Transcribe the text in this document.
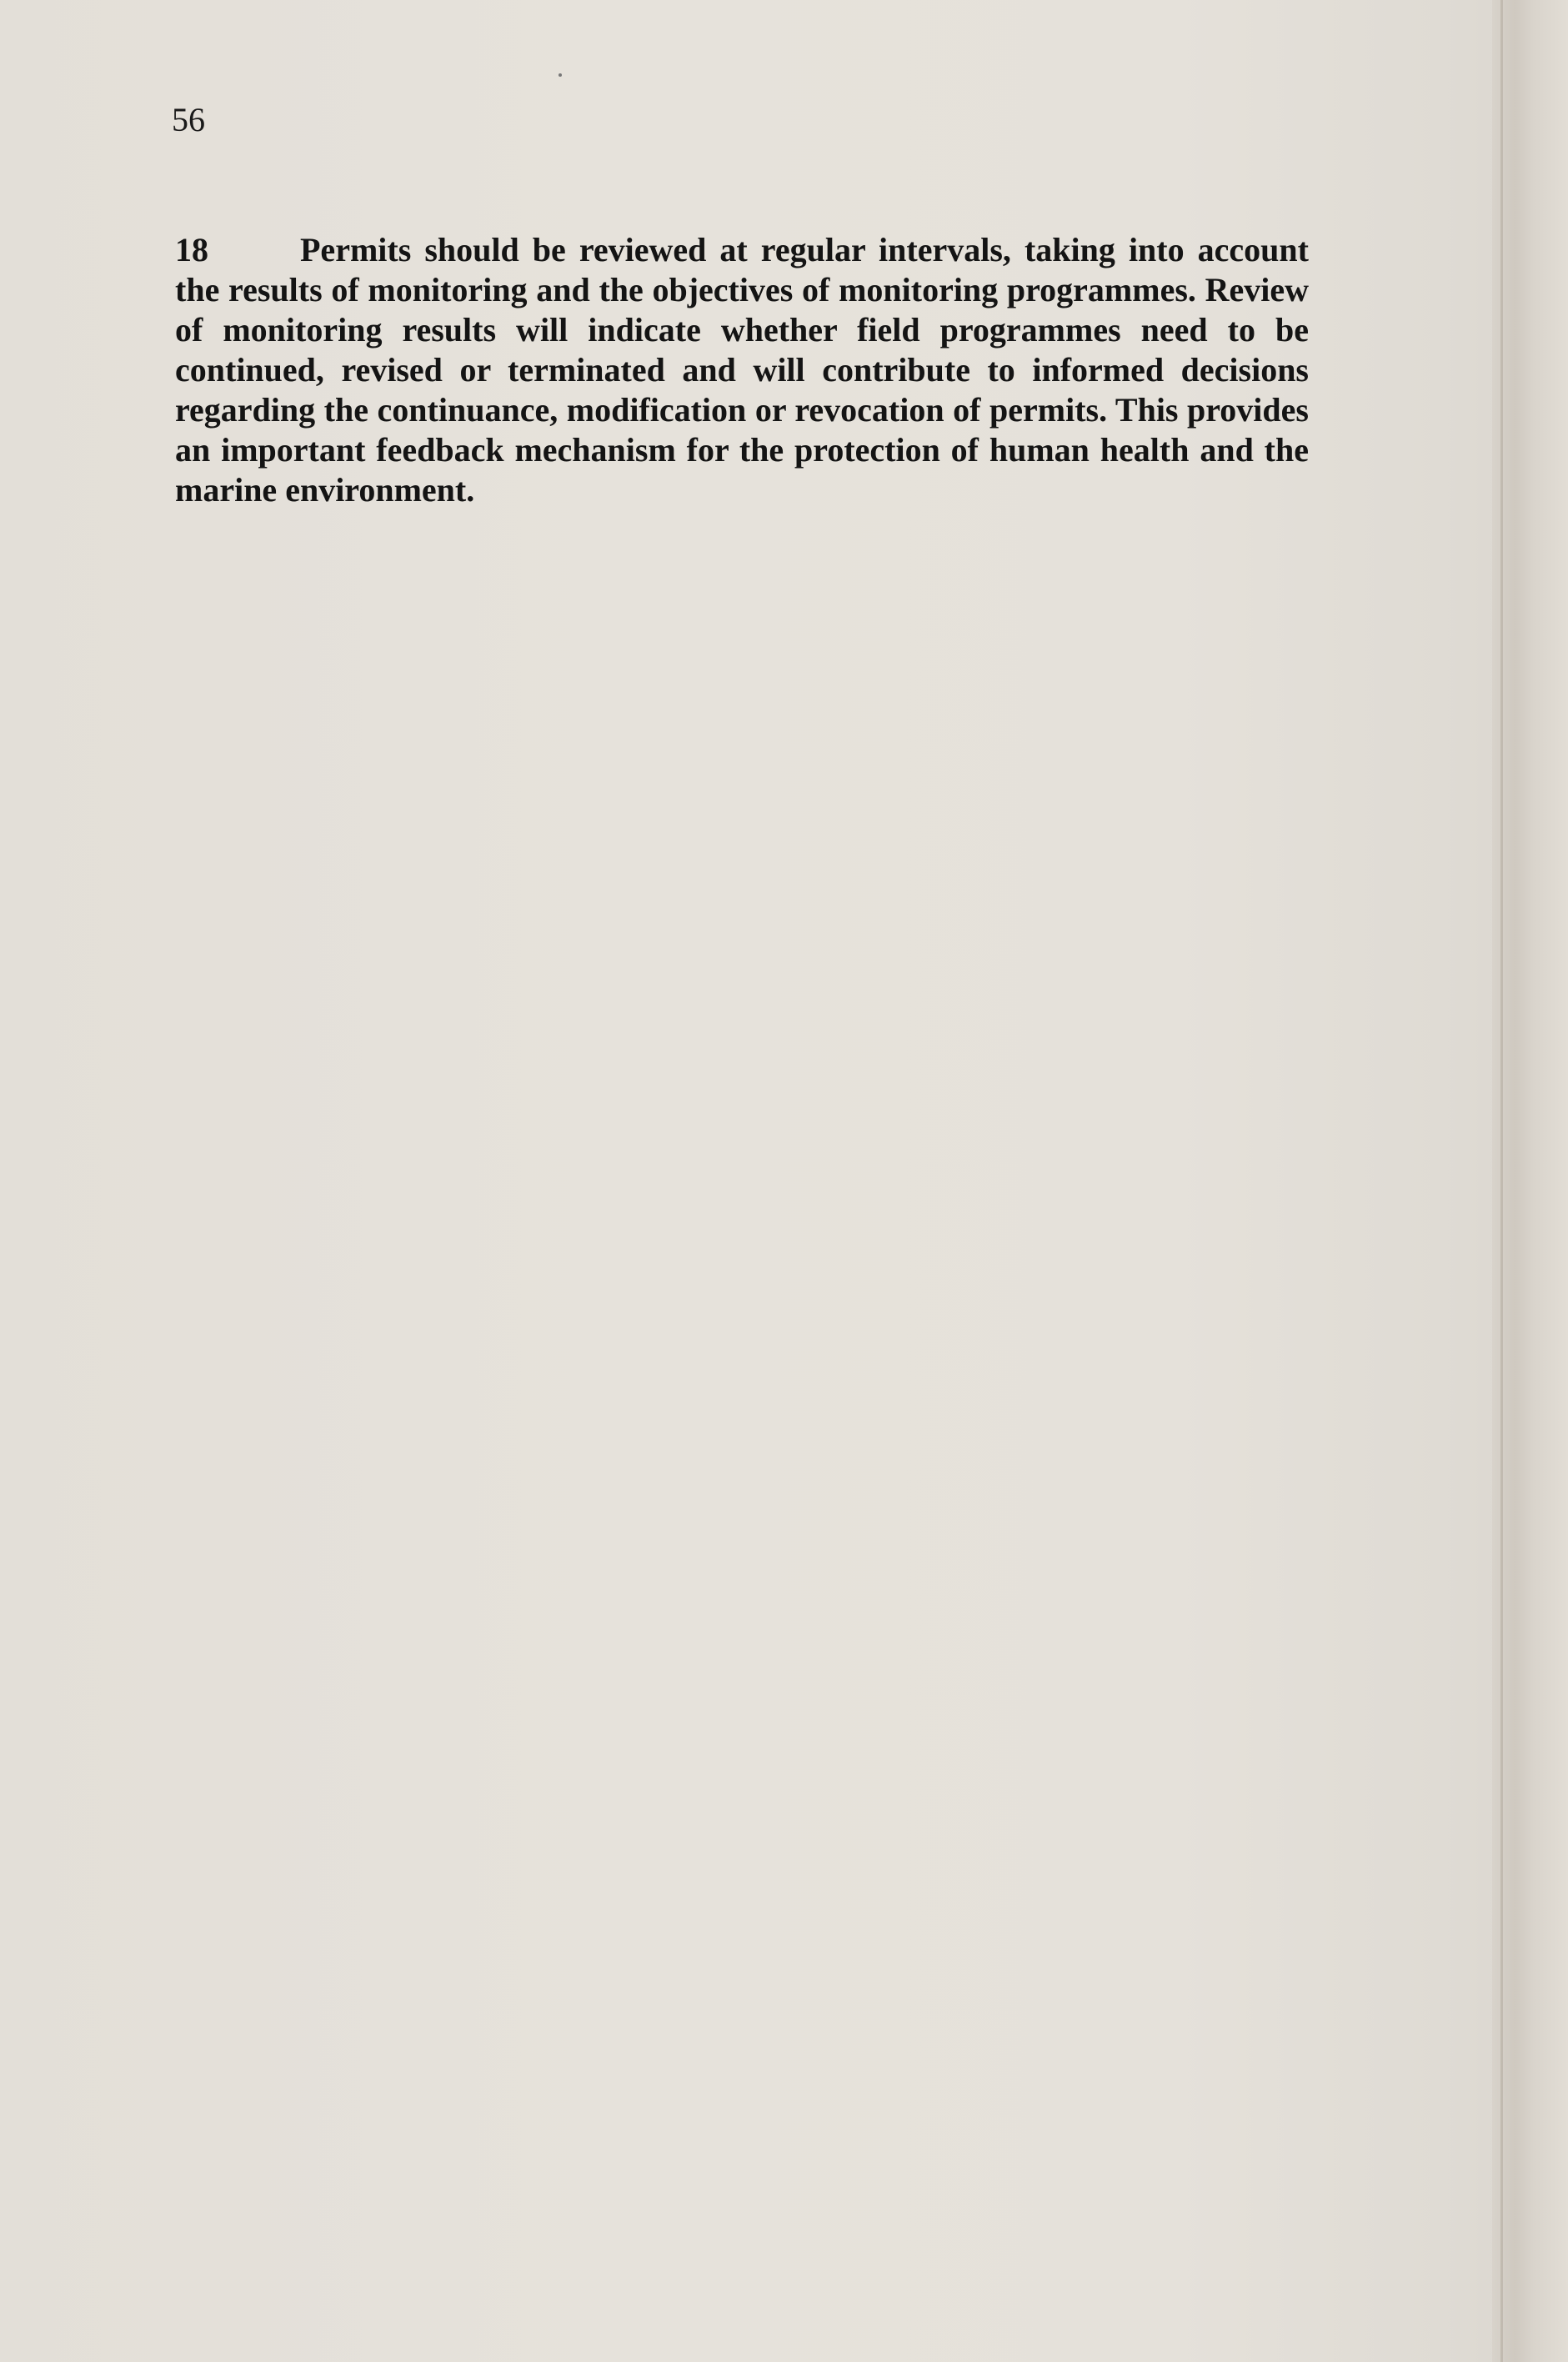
56

18	Permits should be reviewed at regular intervals, taking into account the results of monitoring and the objectives of monitoring programmes. Review of monitoring results will indicate whether field programmes need to be continued, revised or terminated and will contribute to informed decisions regarding the continuance, modification or revocation of permits. This provides an important feedback mechanism for the protection of human health and the marine environment.
